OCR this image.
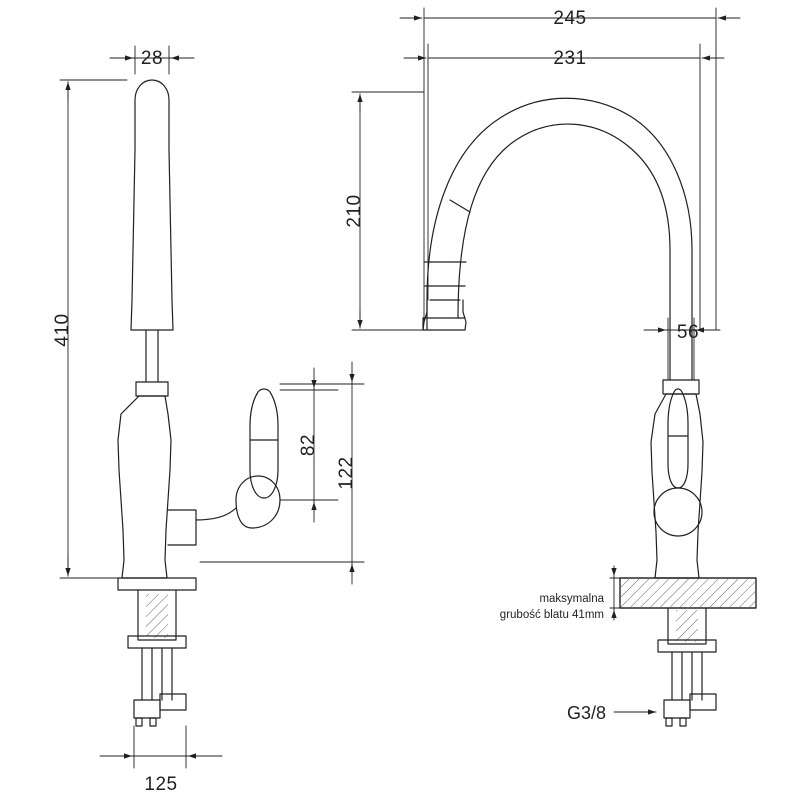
28
410
125
82
122
245
231
210
56
maksymalna
grubość blatu 41mm
G3/8
